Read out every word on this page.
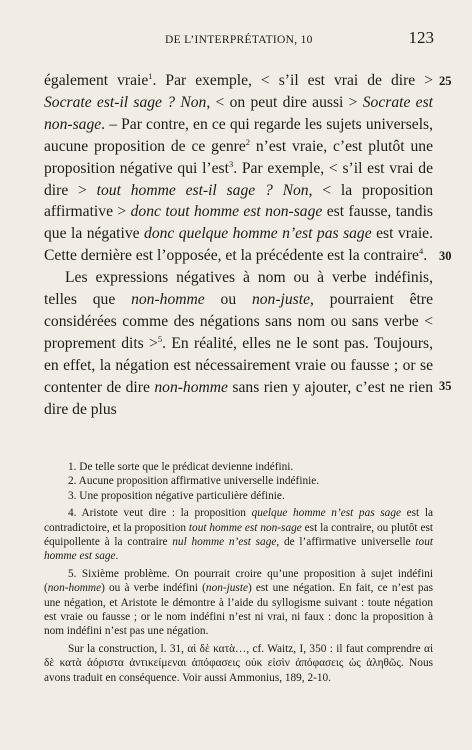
DE L’INTERPRÉTATION, 10	123
25
30
35

également vraie$^1$. Par exemple, < s’il est vrai de dire > Socrate est-il sage ? Non, < on peut dire aussi > Socrate est non-sage. – Par contre, en ce qui regarde les sujets universels, aucune proposition de ce genre$^2$ n’est vraie, c’est plutôt une proposition négative qui l’est$^3$. Par exemple, < s’il est vrai de dire > tout homme est-il sage ? Non, < la proposition affirmative > donc tout homme est non-sage est fausse, tandis que la négative donc quelque homme n’est pas sage est vraie. Cette dernière est l’opposée, et la précédente est la contraire$^4$.

Les expressions négatives à nom ou à verbe indéfinis, telles que non-homme ou non-juste, pourraient être considérées comme des négations sans nom ou sans verbe < proprement dits >$^5$. En réalité, elles ne le sont pas. Toujours, en effet, la négation est nécessairement vraie ou fausse ; or se contenter de dire non-homme sans rien y ajouter, c’est ne rien dire de plus

1. De telle sorte que le prédicat devienne indéfini.

2. Aucune proposition affirmative universelle indéfinie.

3. Une proposition négative particulière définie.

4. Aristote veut dire : la proposition quelque homme n’est pas sage est la contradictoire, et la proposition tout homme est non-sage est la contraire, ou plutôt est équipollente à la contraire nul homme n’est sage, de l’affirmative universelle tout homme est sage.

5. Sixième problème. On pourrait croire qu’une proposition à sujet indéfini (non-homme) ou à verbe indéfini (non-juste) est une négation. En fait, ce n’est pas une négation, et Aristote le démontre à l’aide du syllogisme suivant : toute négation est vraie ou fausse ; or le nom indéfini n’est ni vrai, ni faux : donc la proposition à nom indéfini n’est pas une négation.

Sur la construction, l. 31, αἱ δὲ κατὰ…, cf. Waitz, I, 350 : il faut comprendre αἱ δὲ κατὰ ἀόριστα ἀντικείμεναι ἀπόφασεις οὐκ εἰσὶν ἀπόφασεις ὡς ἀληθῶς. Nous avons traduit en conséquence. Voir aussi Ammonius, 189, 2-10.
